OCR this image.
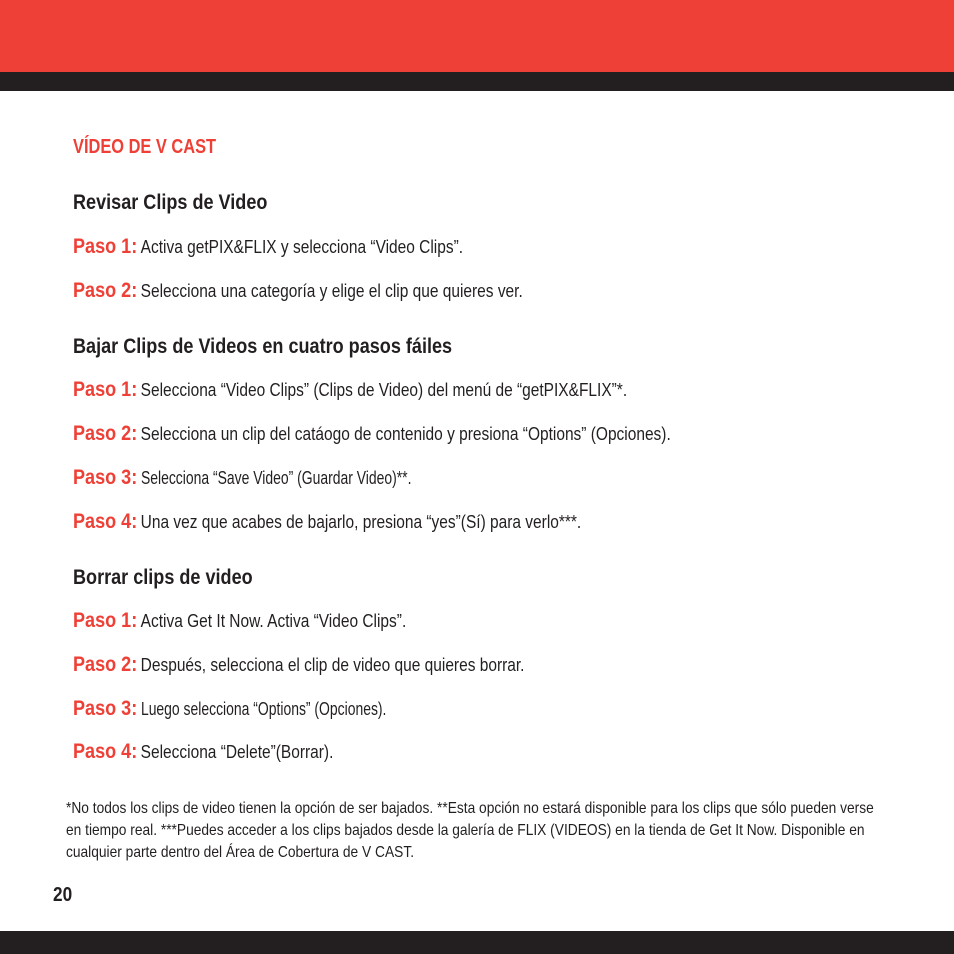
VÍDEO DE V CAST
Revisar Clips de Video
Paso 1: Activa getPIX&FLIX y selecciona “Video Clips”.
Paso 2: Selecciona una categoría y elige el clip que quieres ver.
Bajar Clips de Videos en cuatro pasos fáiles
Paso 1: Selecciona “Video Clips” (Clips de Video) del menú de “getPIX&FLIX”*.
Paso 2: Selecciona un clip del catáogo de contenido y presiona “Options” (Opciones).
Paso 3: Selecciona “Save Video” (Guardar Video)**.
Paso 4: Una vez que acabes de bajarlo, presiona “yes”(Sí) para verlo***.
Borrar clips de video
Paso 1: Activa Get It Now. Activa “Video Clips”.
Paso 2: Después, selecciona el clip de video que quieres borrar.
Paso 3: Luego selecciona “Options” (Opciones).
Paso 4: Selecciona “Delete”(Borrar).
*No todos los clips de video tienen la opción de ser bajados. **Esta opción no estará disponible para los clips que sólo pueden verse en tiempo real. ***Puedes acceder a los clips bajados desde la galería de FLIX (VIDEOS) en la tienda de Get It Now. Disponible en cualquier parte dentro del Área de Cobertura de V CAST.
20
